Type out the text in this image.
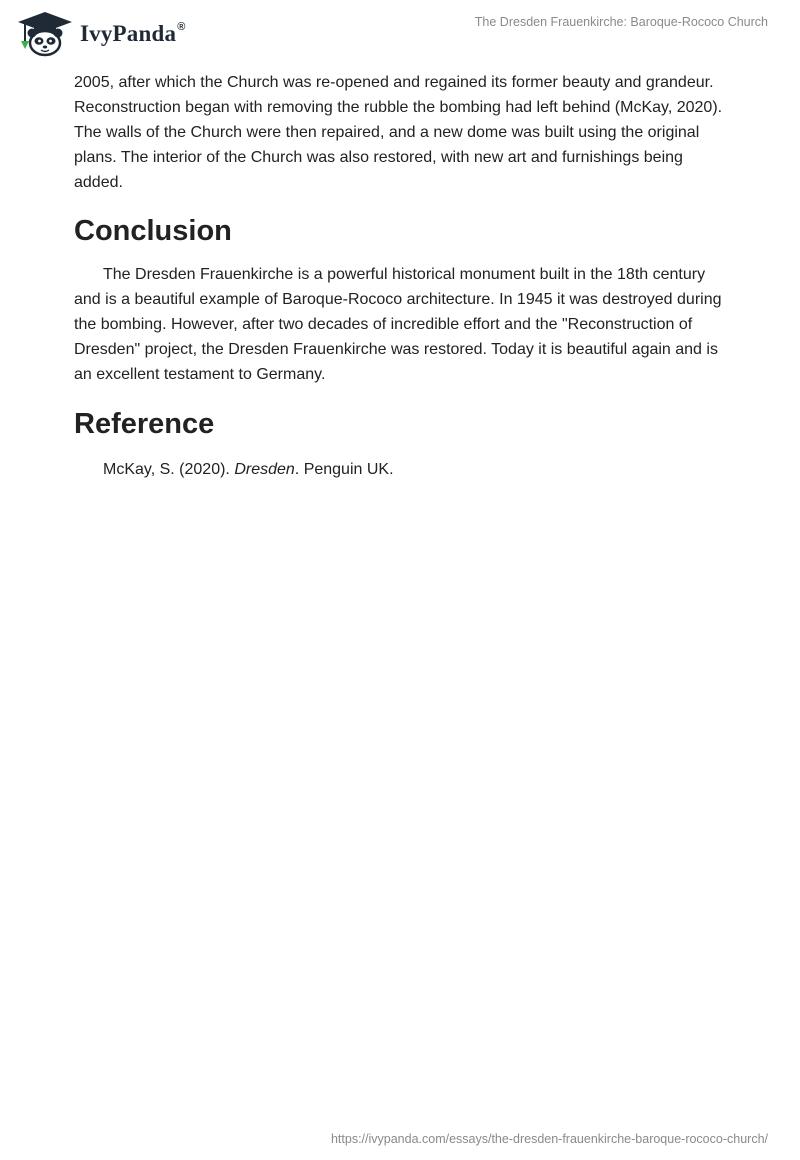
IvyPanda®	The Dresden Frauenkirche: Baroque-Rococo Church

2005, after which the Church was re-opened and regained its former beauty and grandeur. Reconstruction began with removing the rubble the bombing had left behind (McKay, 2020). The walls of the Church were then repaired, and a new dome was built using the original plans. The interior of the Church was also restored, with new art and furnishings being added.

Conclusion

The Dresden Frauenkirche is a powerful historical monument built in the 18th century and is a beautiful example of Baroque-Rococo architecture. In 1945 it was destroyed during the bombing. However, after two decades of incredible effort and the "Reconstruction of Dresden" project, the Dresden Frauenkirche was restored. Today it is beautiful again and is an excellent testament to Germany.

Reference
McKay, S. (2020). Dresden. Penguin UK.
https://ivypanda.com/essays/the-dresden-frauenkirche-baroque-rococo-church/
